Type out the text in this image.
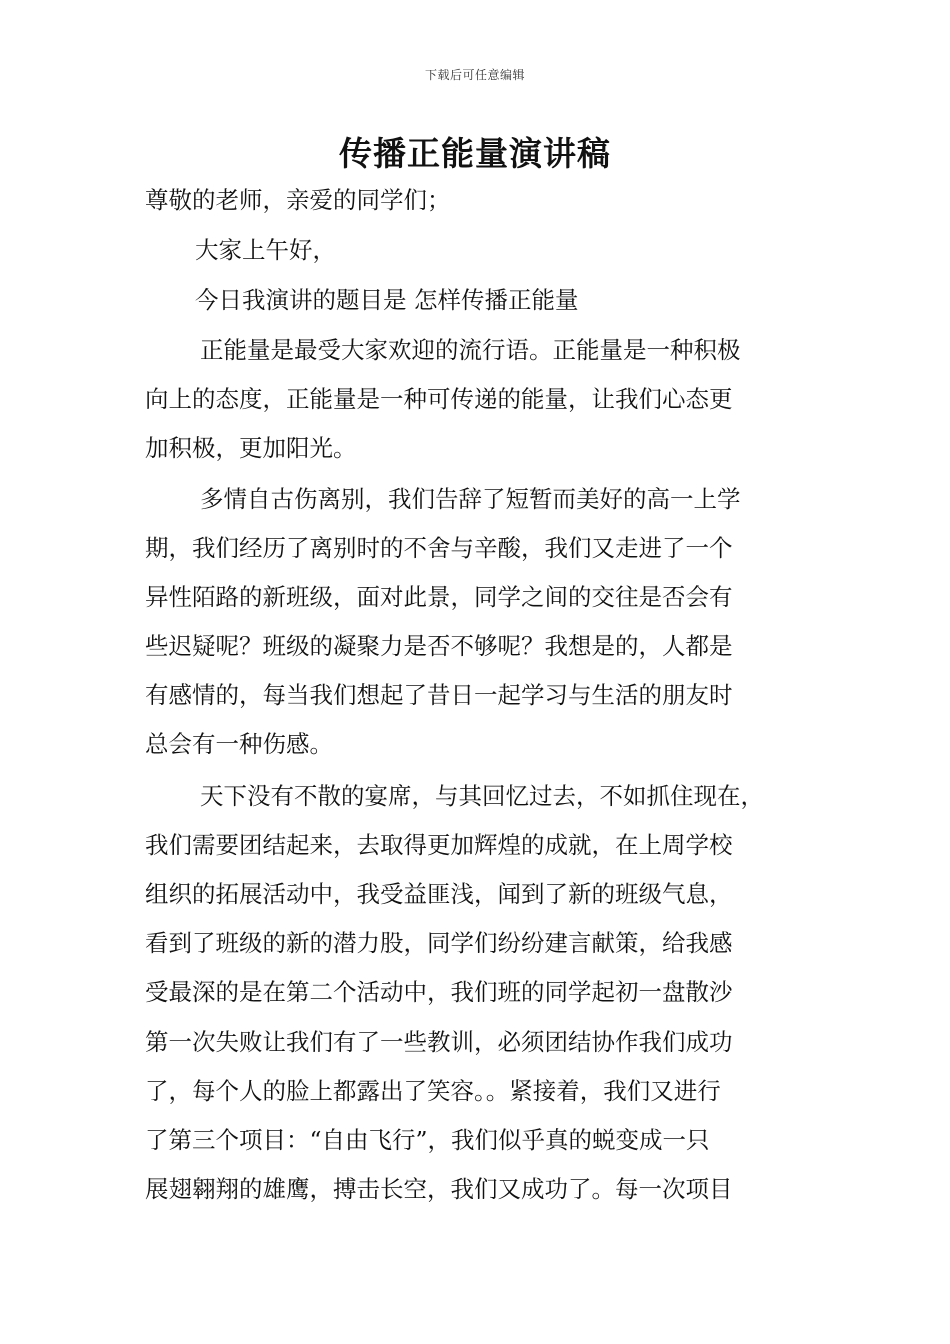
下载后可任意编辑
传播正能量演讲稿

尊敬的老师，亲爱的同学们；

大家上午好，

今日我演讲的题目是 怎样传播正能量

正能量是最受大家欢迎的流行语。正能量是一种积极

向上的态度，正能量是一种可传递的能量，让我们心态更

加积极，更加阳光。

多情自古伤离别，我们告辞了短暂而美好的高一上学

期，我们经历了离别时的不舍与辛酸，我们又走进了一个

异性陌路的新班级，面对此景，同学之间的交往是否会有

些迟疑呢？班级的凝聚力是否不够呢？我想是的，人都是

有感情的，每当我们想起了昔日一起学习与生活的朋友时

总会有一种伤感。

天下没有不散的宴席，与其回忆过去，不如抓住现在，

我们需要团结起来，去取得更加辉煌的成就，在上周学校

组织的拓展活动中，我受益匪浅，闻到了新的班级气息，

看到了班级的新的潜力股，同学们纷纷建言献策，给我感

受最深的是在第二个活动中，我们班的同学起初一盘散沙

第一次失败让我们有了一些教训，必须团结协作我们成功

了，每个人的脸上都露出了笑容。。紧接着，我们又进行

了第三个项目：“自由飞行”，我们似乎真的蜕变成一只

展翅翱翔的雄鹰，搏击长空，我们又成功了。每一次项目
